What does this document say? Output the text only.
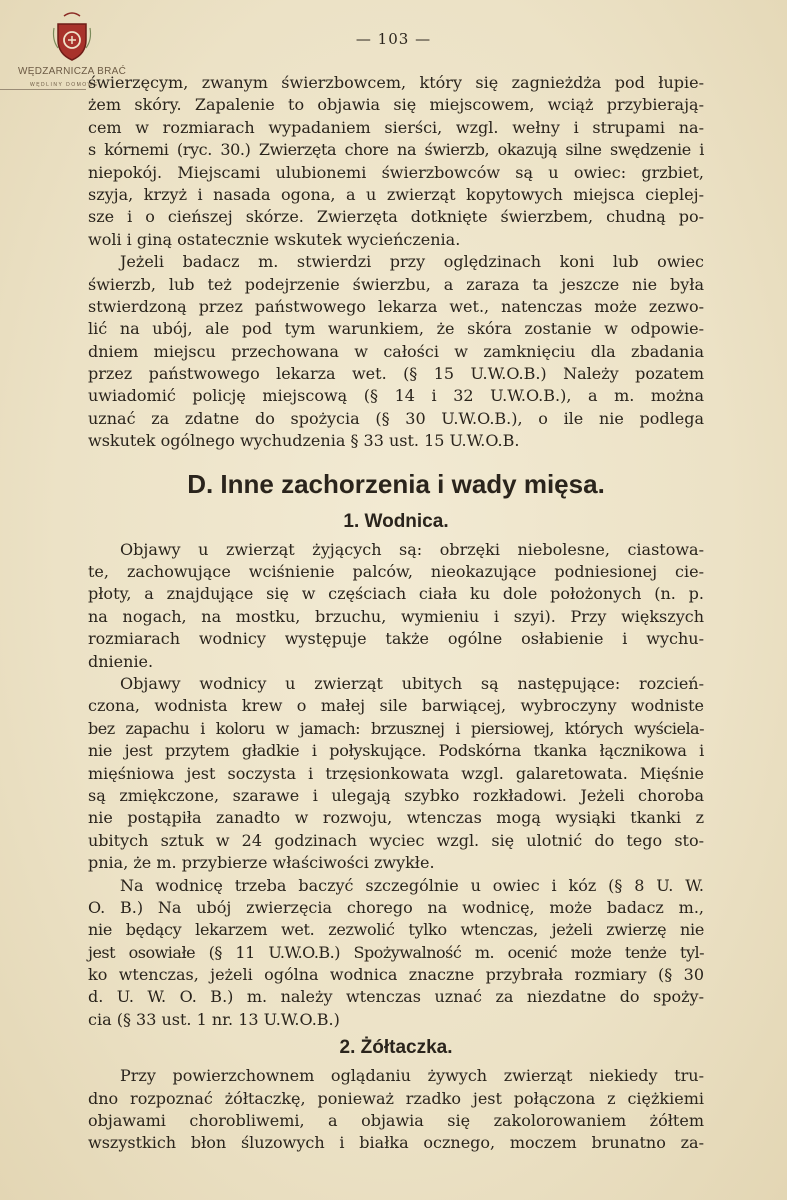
WĘDZARNICZA BRAĆ
WĘDLINY DOMOWE
— 103 —
świerzęcym, zwanym świerzbowcem, który się zagnieżdża pod łupie-
żem skóry. Zapalenie to objawia się miejscowem, wciąż przybierają-
cem w rozmiarach wypadaniem sierści, wzgl. wełny i strupami na-
s kórnemi (ryc. 30.) Zwierzęta chore na świerzb, okazują silne swędzenie i
niepokój. Miejscami ulubionemi świerzbowców są u owiec: grzbiet,
szyja, krzyż i nasada ogona, a u zwierząt kopytowych miejsca cieplej-
sze i o cieńszej skórze. Zwierzęta dotknięte świerzbem, chudną po-
woli i giną ostatecznie wskutek wycieńczenia.
Jeżeli badacz m. stwierdzi przy oględzinach koni lub owiec
świerzb, lub też podejrzenie świerzbu, a zaraza ta jeszcze nie była
stwierdzoną przez państwowego lekarza wet., natenczas może zezwo-
lić na ubój, ale pod tym warunkiem, że skóra zostanie w odpowie-
dniem miejscu przechowana w całości w zamknięciu dla zbadania
przez państwowego lekarza wet. (§ 15 U.W.O.B.) Należy pozatem
uwiadomić policję miejscową (§ 14 i 32 U.W.O.B.), a m. można
uznać za zdatne do spożycia (§ 30 U.W.O.B.), o ile nie podlega
wskutek ogólnego wychudzenia § 33 ust. 15 U.W.O.B.
D. Inne zachorzenia i wady mięsa.
1. Wodnica.
Objawy u zwierząt żyjących są: obrzęki niebolesne, ciastowa-
te, zachowujące wciśnienie palców, nieokazujące podniesionej cie-
płoty, a znajdujące się w częściach ciała ku dole położonych (n. p.
na nogach, na mostku, brzuchu, wymieniu i szyi). Przy większych
rozmiarach wodnicy występuje także ogólne osłabienie i wychu-
dnienie.
Objawy wodnicy u zwierząt ubitych są następujące: rozcień-
czona, wodnista krew o małej sile barwiącej, wybroczyny wodniste
bez zapachu i koloru w jamach: brzusznej i piersiowej, których wyściela-
nie jest przytem gładkie i połyskujące. Podskórna tkanka łącznikowa i
mięśniowa jest soczysta i trzęsionkowata wzgl. galaretowata. Mięśnie
są zmiękczone, szarawe i ulegają szybko rozkładowi. Jeżeli choroba
nie postąpiła zanadto w rozwoju, wtenczas mogą wysiąki tkanki z
ubitych sztuk w 24 godzinach wyciec wzgl. się ulotnić do tego sto-
pnia, że m. przybierze właściwości zwykłe.
Na wodnicę trzeba baczyć szczególnie u owiec i kóz (§ 8 U. W.
O. B.) Na ubój zwierzęcia chorego na wodnicę, może badacz m.,
nie będący lekarzem wet. zezwolić tylko wtenczas, jeżeli zwierzę nie
jest osowiałe (§ 11 U.W.O.B.) Spożywalność m. ocenić może tenże tyl-
ko wtenczas, jeżeli ogólna wodnica znaczne przybrała rozmiary (§ 30
d. U. W. O. B.) m. należy wtenczas uznać za niezdatne do spoży-
cia (§ 33 ust. 1 nr. 13 U.W.O.B.)
2. Żółtaczka.
Przy powierzchownem oglądaniu żywych zwierząt niekiedy tru-
dno rozpoznać żółtaczkę, ponieważ rzadko jest połączona z ciężkiemi
objawami chorobliwemi, a objawia się zakolorowaniem żółtem
wszystkich błon śluzowych i białka ocznego, moczem brunatno za-
